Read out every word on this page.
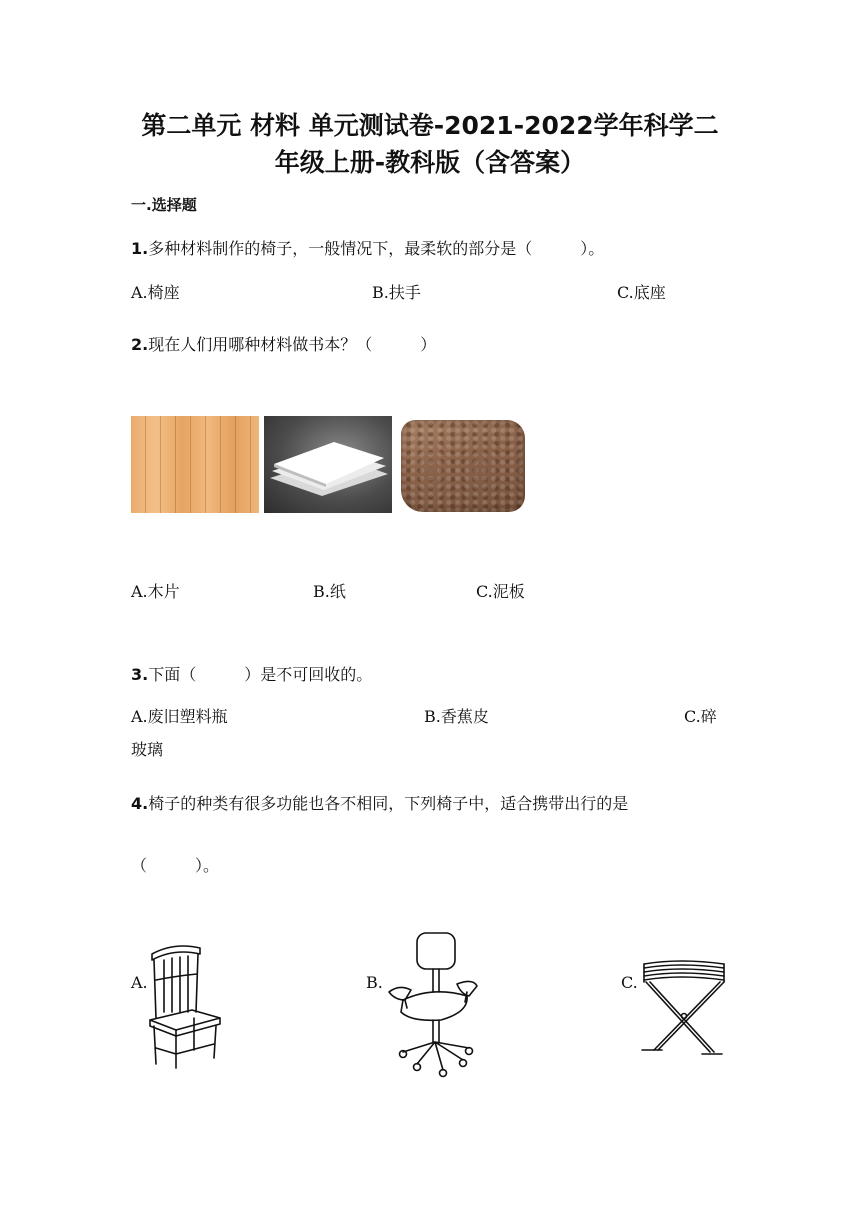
第二单元 材料 单元测试卷-2021-2022学年科学二
年级上册-教科版（含答案）
一.选择题
1.多种材料制作的椅子，一般情况下，最柔软的部分是（　　　）。
A.椅座	B.扶手	C.底座
2.现在人们用哪种材料做书本？（　　　）
A.木片	B.纸	C.泥板
3.下面（　　　）是不可回收的。
A.废旧塑料瓶	B.香蕉皮	C.碎
玻璃
4.椅子的种类有很多功能也各不相同，下列椅子中，适合携带出行的是
（　　　）。
A.	B.	C.
